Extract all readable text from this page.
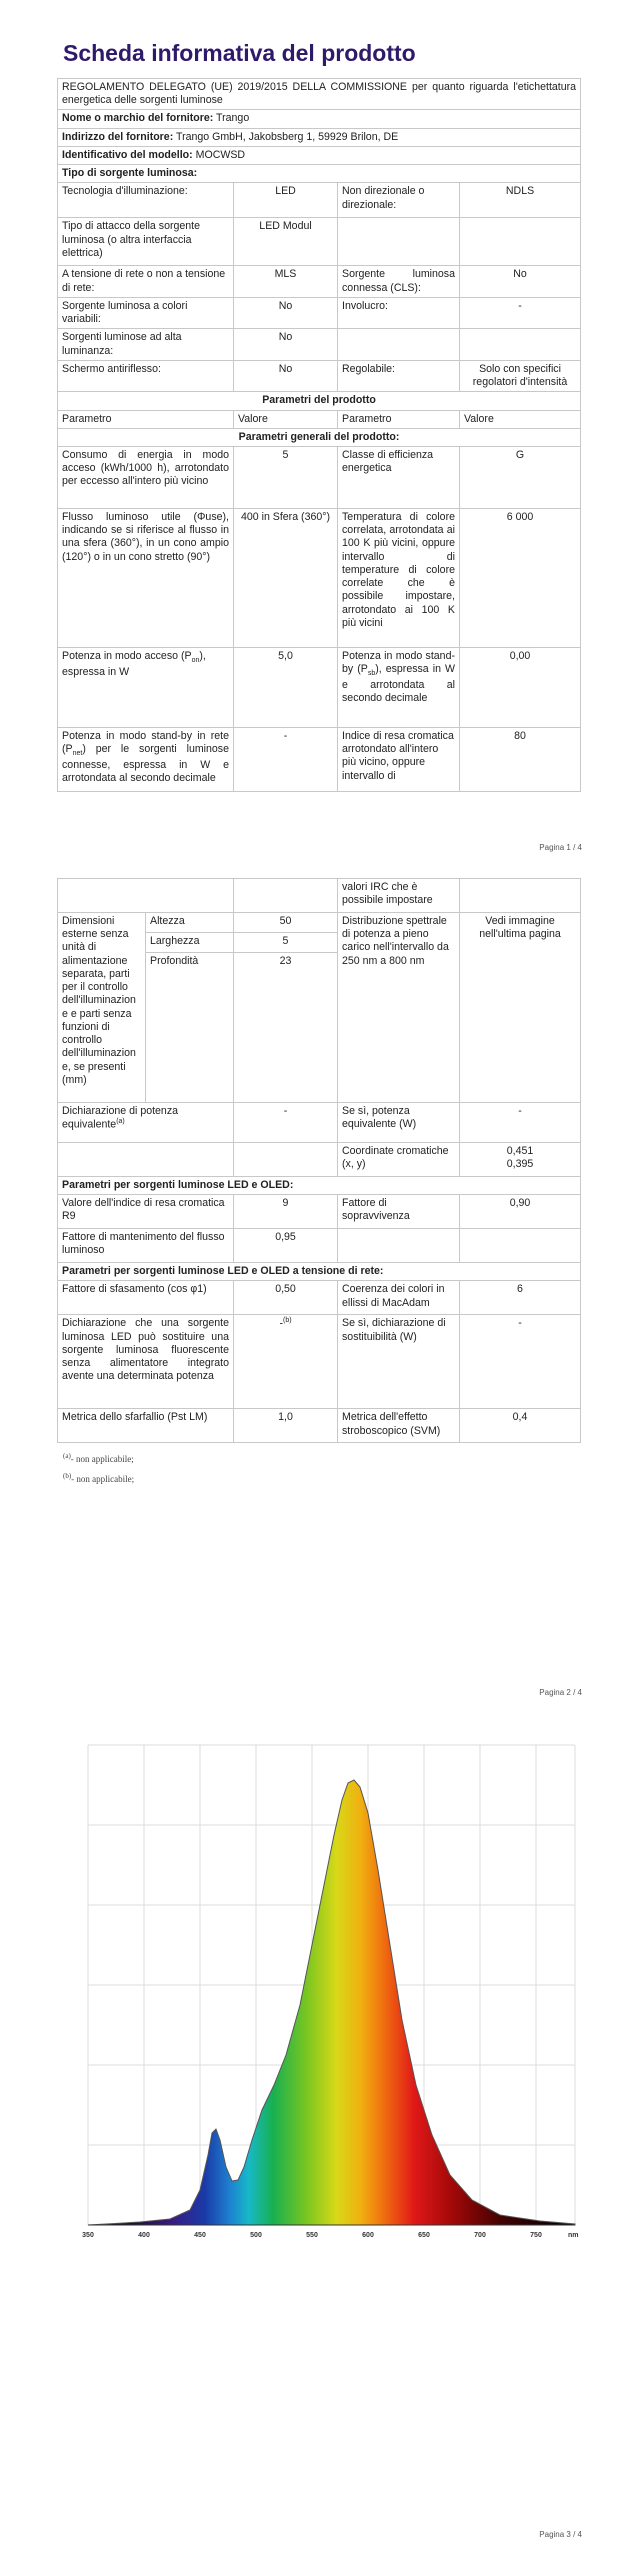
Scheda informativa del prodotto
REGOLAMENTO DELEGATO (UE) 2019/2015 DELLA COMMISSIONE per quanto riguarda l'etichettatura energetica delle sorgenti luminose			
Nome o marchio del fornitore: Trango			
Indirizzo del fornitore: Trango GmbH, Jakobsberg 1, 59929 Brilon, DE			
Identificativo del modello: MOCWSD			
Tipo di sorgente luminosa:			
Tecnologia d'illuminazione:	LED	Non direzionale o direzionale:	NDLS
Tipo di attacco della sorgente luminosa (o altra interfaccia elettrica)	LED Modul		
A tensione di rete o non a tensione di rete:	MLS	Sorgente luminosa connessa (CLS):	No
Sorgente luminosa a colori variabili:	No	Involucro:	-
Sorgenti luminose ad alta luminanza:	No		
Schermo antiriflesso:	No	Regolabile:	Solo con specifici regolatori d'intensità
Parametri del prodotto			
Parametro	Valore	Parametro	Valore
Parametri generali del prodotto:			
Consumo di energia in modo acceso (kWh/1000 h), arrotondato per eccesso all'intero più vicino	5	Classe di efficienza energetica	G
Flusso luminoso utile (Φuse), indicando se si riferisce al flusso in una sfera (360°), in un cono ampio (120°) o in un cono stretto (90°)	400 in Sfera (360°)	Temperatura di colore correlata, arrotondata ai 100 K più vicini, oppure intervallo di temperature di colore correlate che è possibile impostare, arrotondato ai 100 K più vicini	6 000
Potenza in modo acceso $(P_{on})$, espressa in W	5,0	Potenza in modo stand-by $(P_{sb})$, espressa in W e arrotondata al secondo decimale	0,00
Potenza in modo stand-by in rete $(P_{net})$ per le sorgenti luminose connesse, espressa in W e arrotondata al secondo decimale	-	Indice di resa cromatica arrotondato all'intero più vicino, oppure intervallo di	80
Pagina 1 / 4
			valori IRC che è possibile impostare	
Dimensioni esterne senza unità di alimentazione separata, parti per il controllo dell'illuminazione e parti senza funzioni di controllo dell'illuminazione, se presenti (mm)	Altezza	50	Distribuzione spettrale di potenza a pieno carico nell'intervallo da 250 nm a 800 nm	Vedi immagine nell'ultima pagina
	Larghezza	5		
	Profondità	23		
Dichiarazione di potenza equivalente$^{(a)}$		-	Se sì, potenza equivalente (W)	-
			Coordinate cromatiche (x, y)	0,451
0,395
Parametri per sorgenti luminose LED e OLED:				
Valore dell'indice di resa cromatica R9		9	Fattore di sopravvivenza	0,90
Fattore di mantenimento del flusso luminoso		0,95		
Parametri per sorgenti luminose LED e OLED a tensione di rete:				
Fattore di sfasamento (cos φ1)		0,50	Coerenza dei colori in ellissi di MacAdam	6
Dichiarazione che una sorgente luminosa LED può sostituire una sorgente luminosa fluorescente senza alimentatore integrato avente una determinata potenza		-$^{(b)}$	Se sì, dichiarazione di sostituibilità (W)	-
Metrica dello sfarfallio (Pst LM)		1,0	Metrica dell'effetto stroboscopico (SVM)	0,4
$^{(a)}$- non applicabile;
$^{(b)}$- non applicabile;
Pagina 2 / 4
350	400	450	500	550	600	650	700	750	nm
Pagina 3 / 4
